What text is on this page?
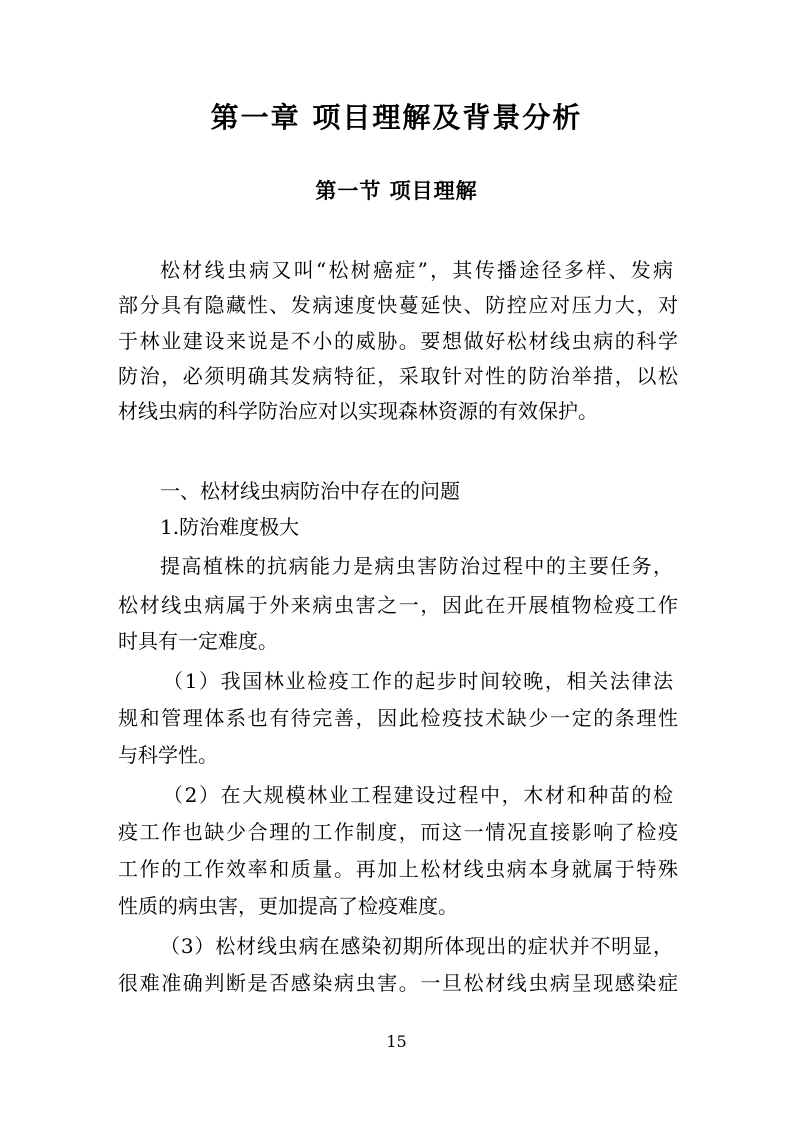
第一章 项目理解及背景分析
第一节 项目理解
松材线虫病又叫“松树癌症”，其传播途径多样、发病
部分具有隐藏性、发病速度快蔓延快、防控应对压力大，对
于林业建设来说是不小的威胁。要想做好松材线虫病的科学
防治，必须明确其发病特征，采取针对性的防治举措，以松
材线虫病的科学防治应对以实现森林资源的有效保护。
一、松材线虫病防治中存在的问题
1.防治难度极大
提高植株的抗病能力是病虫害防治过程中的主要任务，
松材线虫病属于外来病虫害之一，因此在开展植物检疫工作
时具有一定难度。
（1）我国林业检疫工作的起步时间较晚，相关法律法
规和管理体系也有待完善，因此检疫技术缺少一定的条理性
与科学性。
（2）在大规模林业工程建设过程中，木材和种苗的检
疫工作也缺少合理的工作制度，而这一情况直接影响了检疫
工作的工作效率和质量。再加上松材线虫病本身就属于特殊
性质的病虫害，更加提高了检疫难度。
（3）松材线虫病在感染初期所体现出的症状并不明显，
很难准确判断是否感染病虫害。一旦松材线虫病呈现感染症
15
